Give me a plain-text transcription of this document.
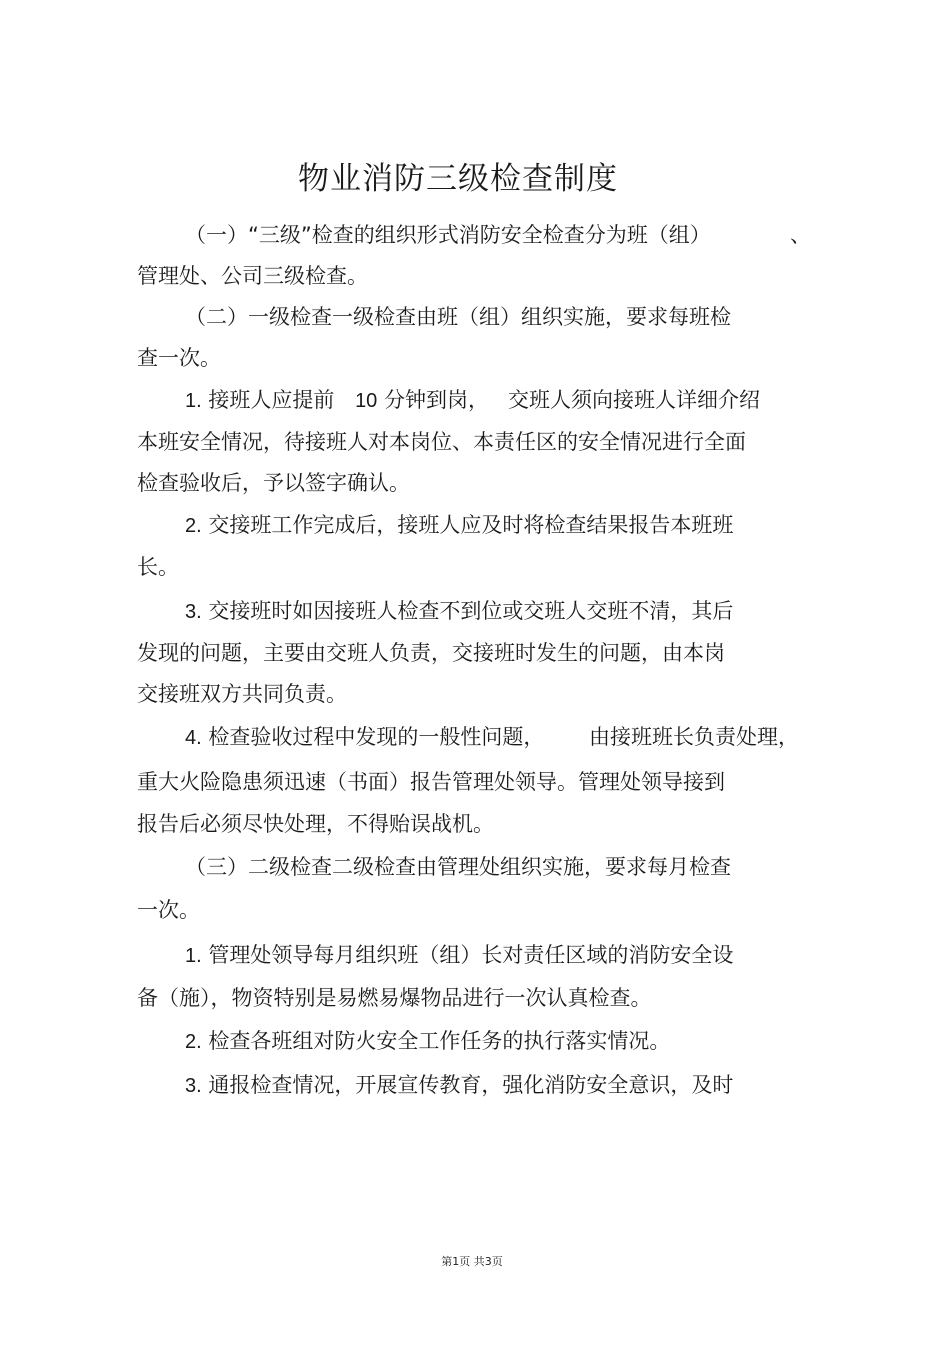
物业消防三级检查制度
（一）“三级”检查的组织形式消防安全检查分为班（组）	、
管理处、公司三级检查。
（二）一级检查一级检查由班（组）组织实施，要求每班检
查一次。
1. 接班人应提前 10 分钟到岗， 交班人须向接班人详细介绍
本班安全情况，待接班人对本岗位、本责任区的安全情况进行全面
检查验收后，予以签字确认。
2. 交接班工作完成后，接班人应及时将检查结果报告本班班
长。
3. 交接班时如因接班人检查不到位或交班人交班不清，其后
发现的问题，主要由交班人负责，交接班时发生的问题，由本岗
交接班双方共同负责。
4. 检查验收过程中发现的一般性问题， 由接班班长负责处理，
重大火险隐患须迅速（书面）报告管理处领导。管理处领导接到
报告后必须尽快处理，不得贻误战机。
（三）二级检查二级检查由管理处组织实施，要求每月检查
一次。
1. 管理处领导每月组织班（组）长对责任区域的消防安全设
备（施），物资特别是易燃易爆物品进行一次认真检查。
2. 检查各班组对防火安全工作任务的执行落实情况。
3. 通报检查情况，开展宣传教育，强化消防安全意识，及时
第1页 共3页
